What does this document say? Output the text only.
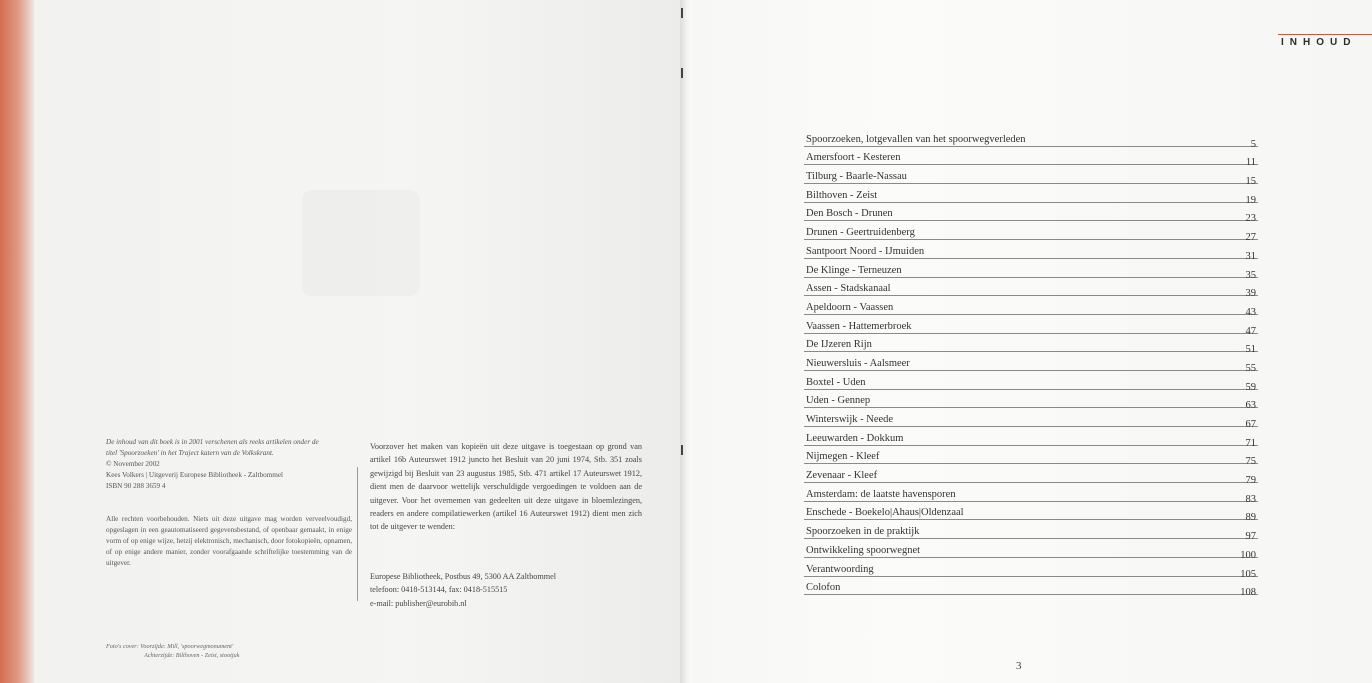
De inhoud van dit boek is in 2001 verschenen als reeks artikelen onder de

titel 'Spoorzoeken' in het Traject katern van de Volkskrant.

© November 2002

Kees Volkers | Uitgeverij Europese Bibliotheek - Zaltbommel

ISBN 90 288 3659 4

Alle rechten voorbehouden. Niets uit deze uitgave mag worden verveelvoudigd, opgeslagen in een geautomatiseerd gegevensbestand, of openbaar gemaakt, in enige vorm of op enige wijze, hetzij elektronisch, mechanisch, door fotokopieën, opnamen, of op enige andere manier, zonder voorafgaande schriftelijke toestemming van de uitgever.

Voorzover het maken van kopieën uit deze uitgave is toegestaan op grond van artikel 16b Auteurswet 1912 juncto het Besluit van 20 juni 1974, Stb. 351 zoals gewijzigd bij Besluit van 23 augustus 1985, Stb. 471 artikel 17 Auteurswet 1912, dient men de daarvoor wettelijk verschuldigde vergoedingen te voldoen aan de uitgever. Voor het overnemen van gedeelten uit deze uitgave in bloemlezingen, readers en andere compilatiewerken (artikel 16 Auteurswet 1912) dient men zich tot de uitgever te wenden:

Europese Bibliotheek, Postbus 49, 5300 AA Zaltbommel

telefoon: 0418-513144, fax: 0418-515515

e-mail: publisher@eurobib.nl

Foto's cover: Voorzijde: Mill, 'spoorwegmonument'

Achterzijde: Bilthoven - Zeist, stootjuk

INHOUD
Spoorzoeken, lotgevallen van het spoorwegverleden	5
Amersfoort - Kesteren	11
Tilburg - Baarle-Nassau	15
Bilthoven - Zeist	19
Den Bosch - Drunen	23
Drunen - Geertruidenberg	27
Santpoort Noord - IJmuiden	31
De Klinge - Terneuzen	35
Assen - Stadskanaal	39
Apeldoorn - Vaassen	43
Vaassen - Hattemerbroek	47
De IJzeren Rijn	51
Nieuwersluis - Aalsmeer	55
Boxtel - Uden	59
Uden - Gennep	63
Winterswijk - Neede	67
Leeuwarden - Dokkum	71
Nijmegen - Kleef	75
Zevenaar - Kleef	79
Amsterdam: de laatste havensporen	83
Enschede - Boekelo|Ahaus|Oldenzaal	89
Spoorzoeken in de praktijk	97
Ontwikkeling spoorwegnet	100
Verantwoording	105
Colofon	108
3
